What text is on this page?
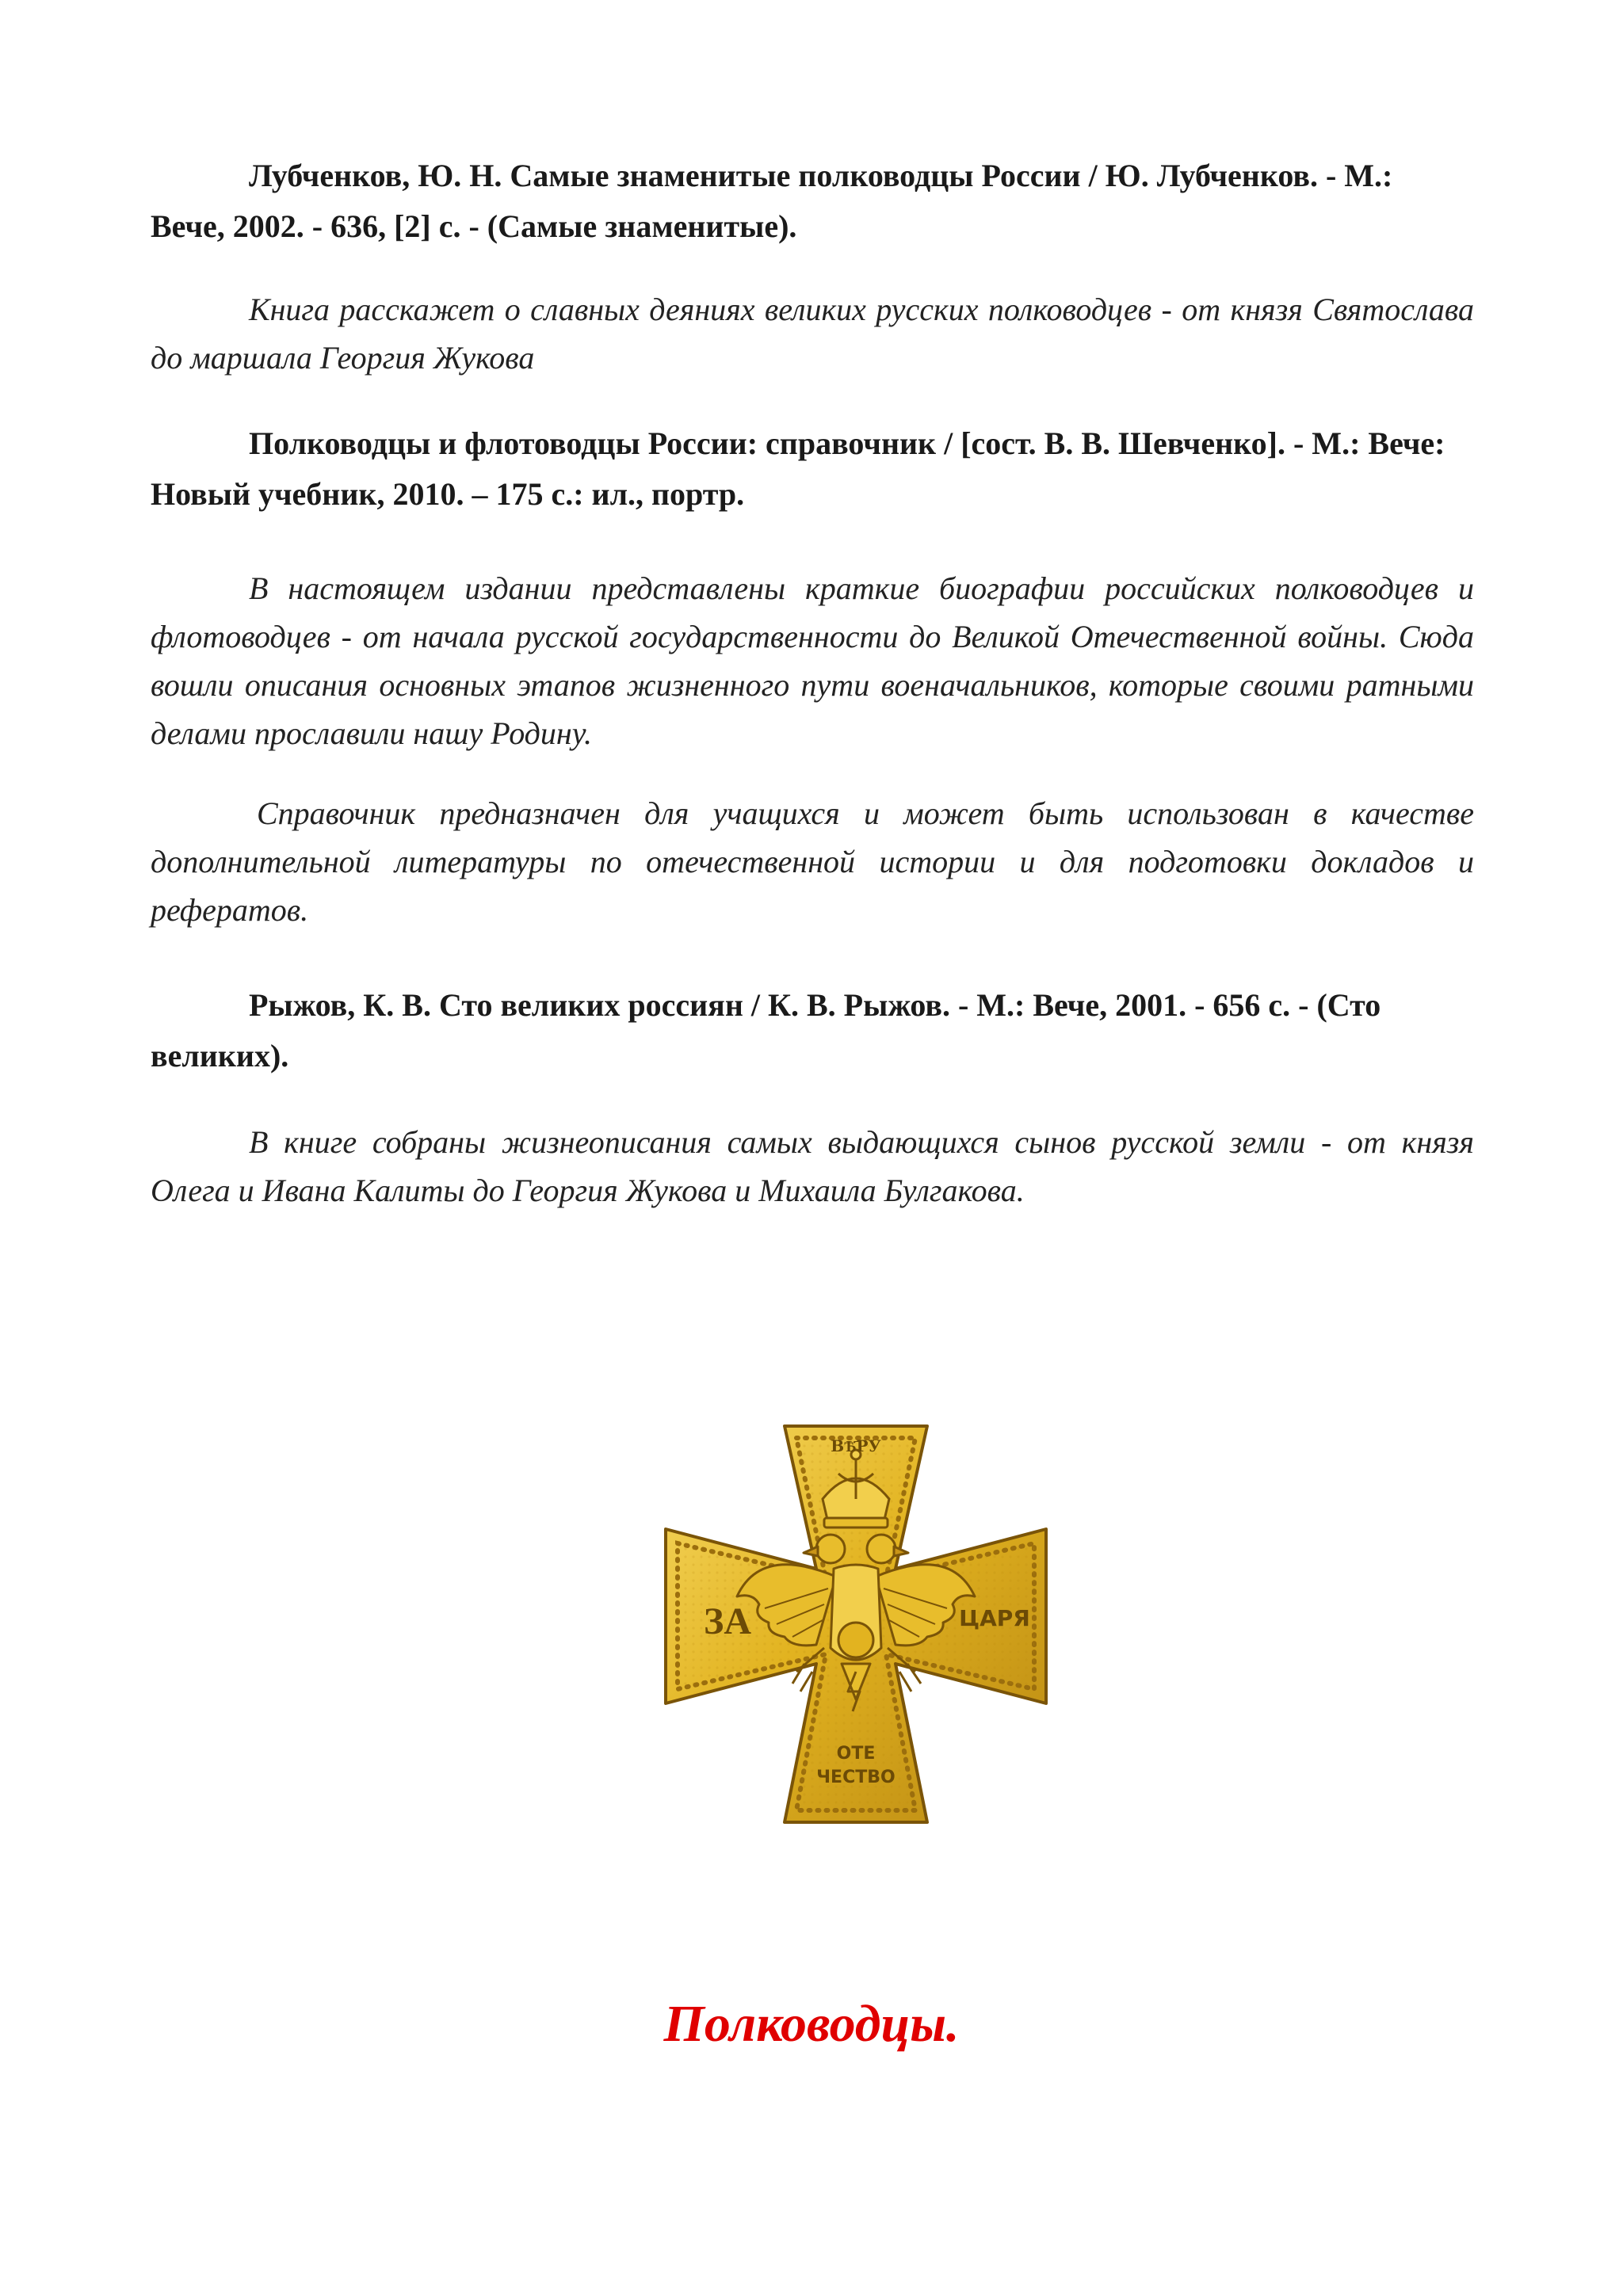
Лубченков, Ю. Н. Самые знаменитые полководцы России / Ю. Лубченков. - М.: Вече, 2002. - 636, [2] с. - (Самые знаменитые).

Книга расскажет о славных деяниях великих русских полководцев - от князя Святослава до маршала Георгия Жукова

Полководцы и флотоводцы России: справочник / [сост. В. В. Шевченко]. - М.: Вече: Новый учебник, 2010. – 175 с.: ил., портр.

В настоящем издании представлены краткие биографии российских полководцев и флотоводцев - от начала русской государственности до Великой Отечественной войны. Сюда вошли описания основных этапов жизненного пути военачальников, которые своими ратными делами прославили нашу Родину.

Справочник предназначен для учащихся и может быть использован в качестве дополнительной литературы по отечественной истории и для подготовки докладов и рефератов.

Рыжов, К. В. Сто великих россиян / К. В. Рыжов. - М.: Вече, 2001. - 656 с. - (Сто великих).

В книге собраны жизнеописания самых выдающихся сынов русской земли - от князя Олега и Ивана Калиты до Георгия Жукова и Михаила Булгакова.

ВѢ҃РУ
ЗА	ЦАРЯ
ОТЕ
ЧЕСТВО

Полководцы.
